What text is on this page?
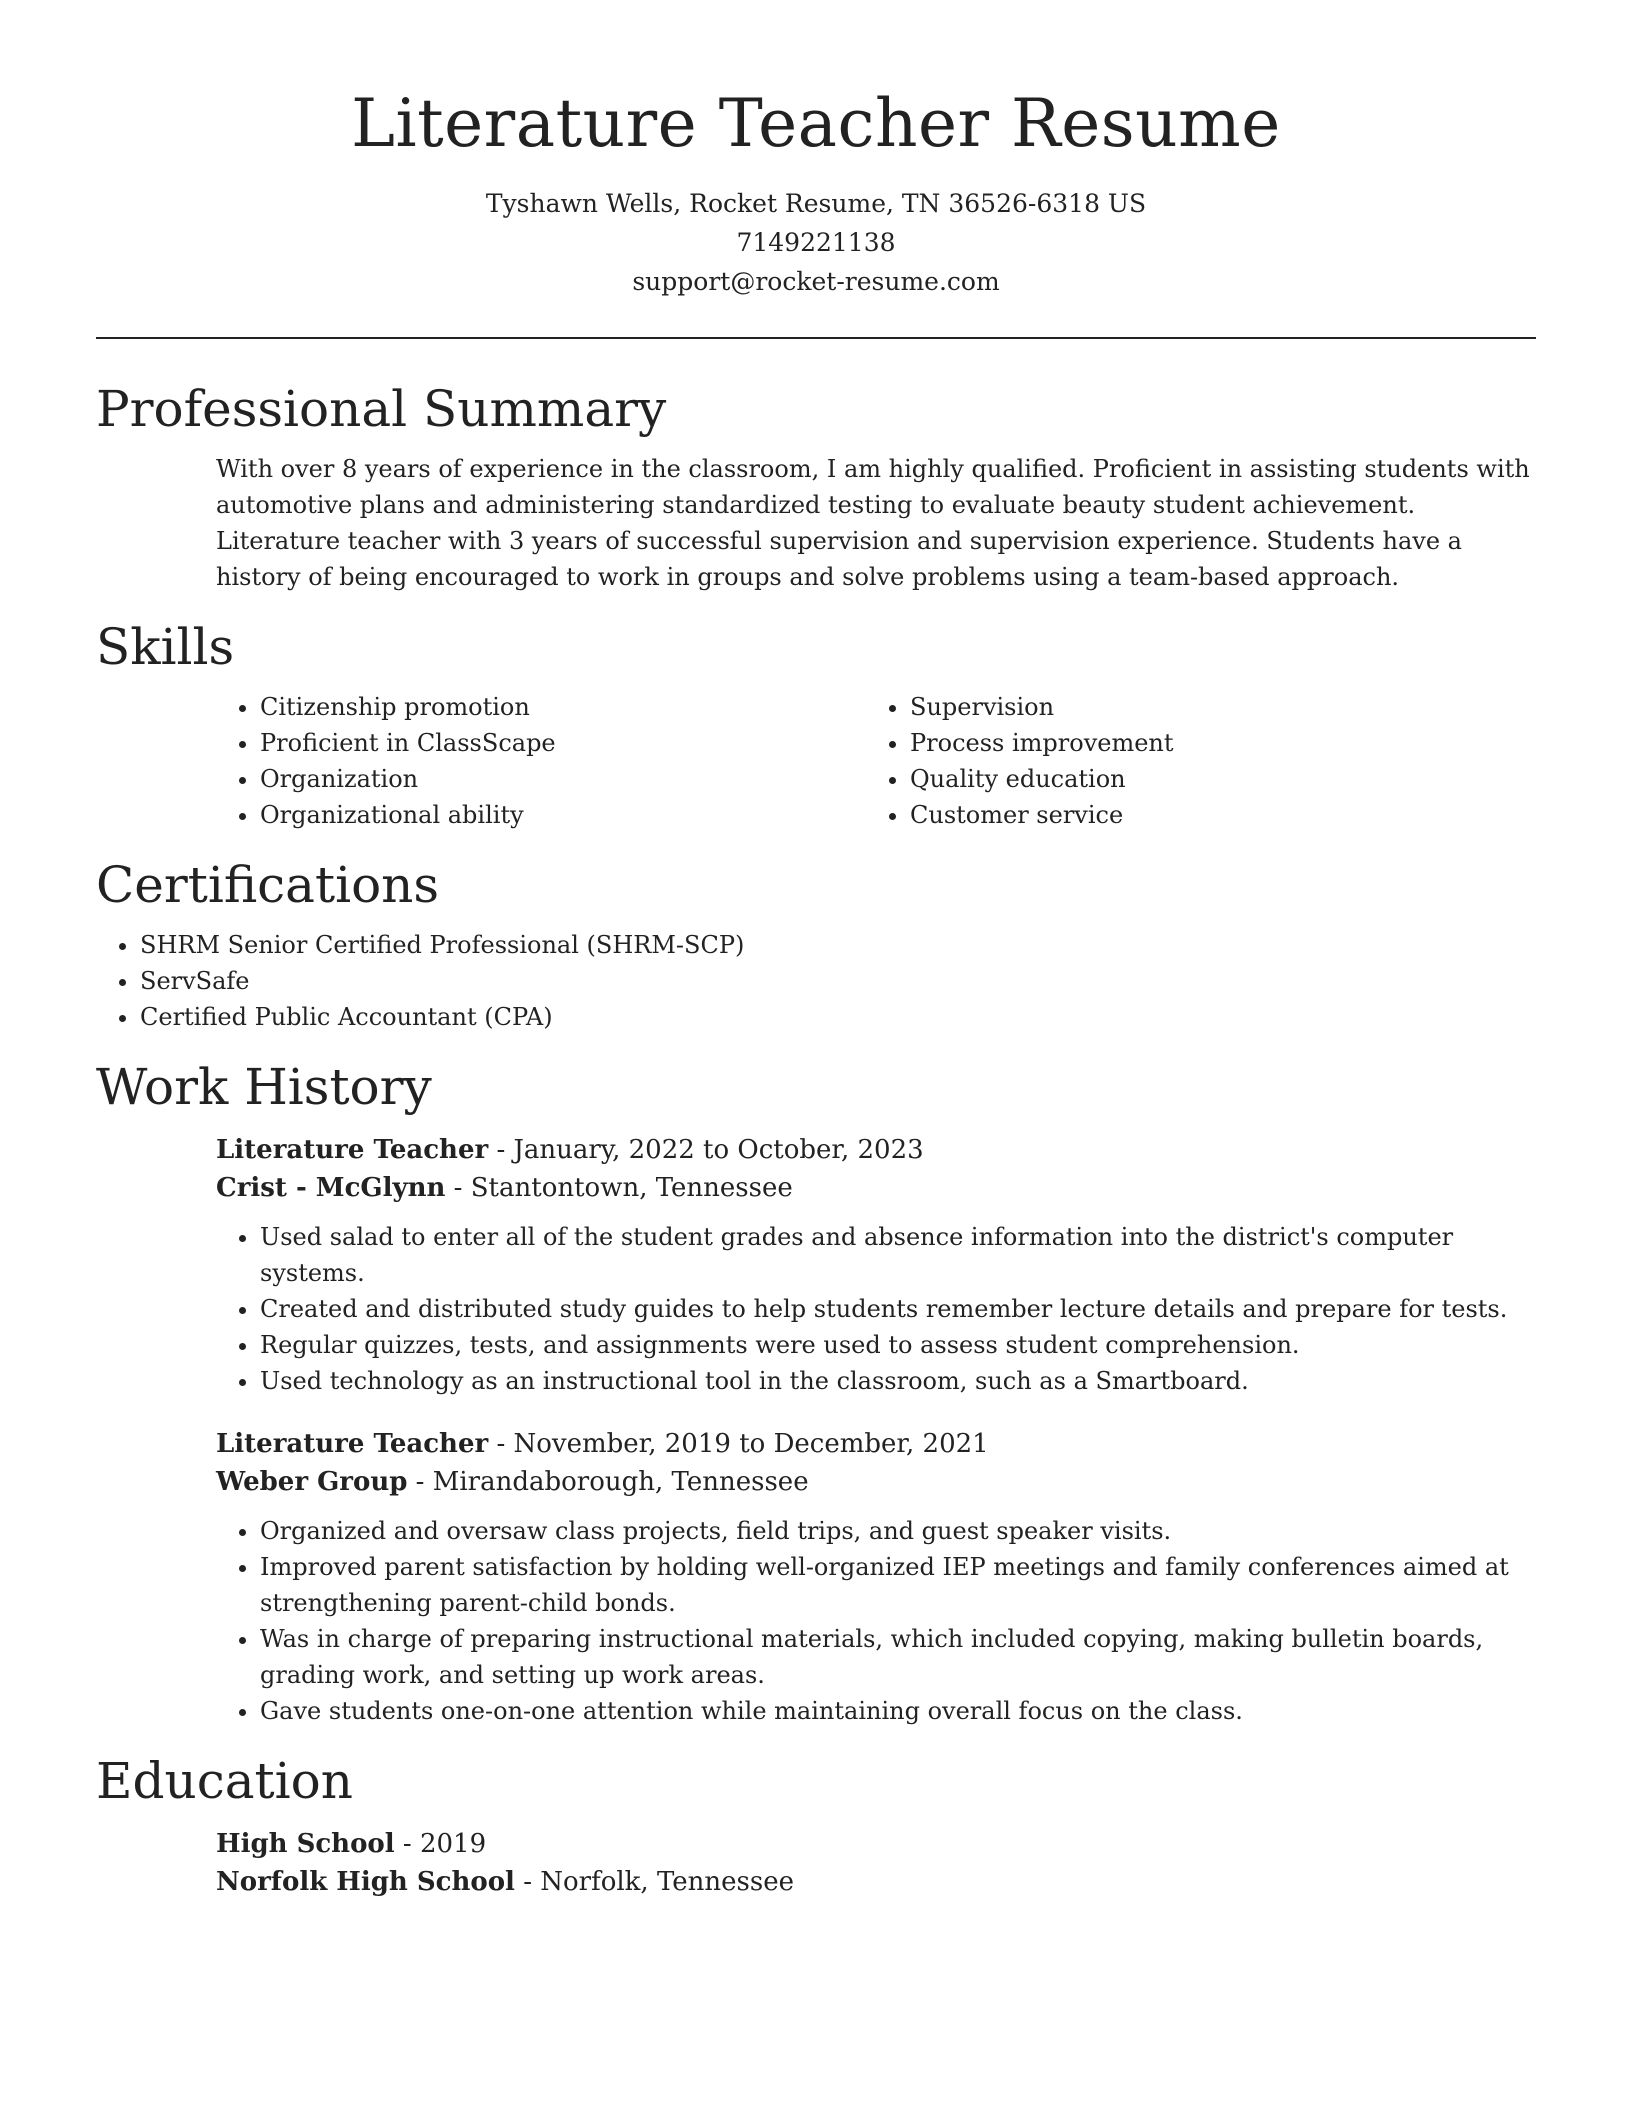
Literature Teacher Resume
Tyshawn Wells, Rocket Resume, TN 36526-6318 US
7149221138
support@rocket-resume.com
Professional Summary

With over 8 years of experience in the classroom, I am highly qualified. Proficient in assisting students with automotive plans and administering standardized testing to evaluate beauty student achievement. Literature teacher with 3 years of successful supervision and supervision experience. Students have a history of being encouraged to work in groups and solve problems using a team-based approach.

Skills
• Citizenship promotion
• Proficient in ClassScape
• Organization
• Organizational ability
• Supervision
• Process improvement
• Quality education
• Customer service
Certifications
• SHRM Senior Certified Professional (SHRM-SCP)
• ServSafe
• Certified Public Accountant (CPA)
Work History
Literature Teacher - January, 2022 to October, 2023
Crist - McGlynn - Stantontown, Tennessee
• Used salad to enter all of the student grades and absence information into the district's computer systems.
• Created and distributed study guides to help students remember lecture details and prepare for tests.
• Regular quizzes, tests, and assignments were used to assess student comprehension.
• Used technology as an instructional tool in the classroom, such as a Smartboard.
Literature Teacher - November, 2019 to December, 2021
Weber Group - Mirandaborough, Tennessee
• Organized and oversaw class projects, field trips, and guest speaker visits.
• Improved parent satisfaction by holding well-organized IEP meetings and family conferences aimed at strengthening parent-child bonds.
• Was in charge of preparing instructional materials, which included copying, making bulletin boards, grading work, and setting up work areas.
• Gave students one-on-one attention while maintaining overall focus on the class.
Education
High School - 2019
Norfolk High School - Norfolk, Tennessee
